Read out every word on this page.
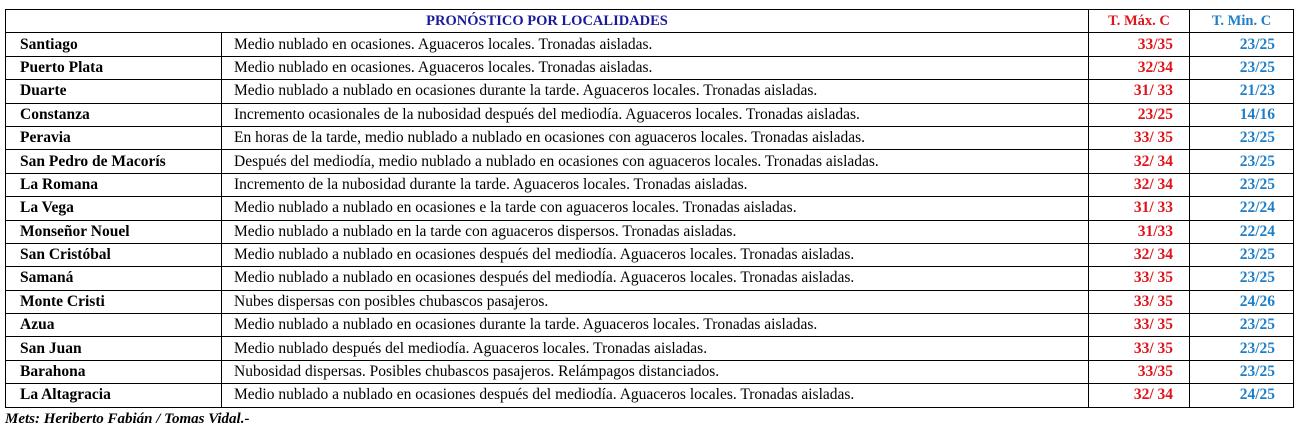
PRONÓSTICO POR LOCALIDADES		T. Máx. C	T. Min. C
Santiago	Medio nublado en ocasiones. Aguaceros locales. Tronadas aisladas.	33/35	23/25
Puerto Plata	Medio nublado en ocasiones. Aguaceros locales. Tronadas aisladas.	32/34	23/25
Duarte	Medio nublado a nublado en ocasiones durante la tarde. Aguaceros locales. Tronadas aisladas.	31/ 33	21/23
Constanza	Incremento ocasionales de la nubosidad después del mediodía. Aguaceros locales. Tronadas aisladas.	23/25	14/16
Peravia	En horas de la tarde, medio nublado a nublado en ocasiones con aguaceros locales. Tronadas aisladas.	33/ 35	23/25
San Pedro de Macorís	Después del mediodía, medio nublado a nublado en ocasiones con aguaceros locales. Tronadas aisladas.	32/ 34	23/25
La Romana	Incremento de la nubosidad durante la tarde. Aguaceros locales. Tronadas aisladas.	32/ 34	23/25
La Vega	Medio nublado a nublado en ocasiones e la tarde con aguaceros locales. Tronadas aisladas.	31/ 33	22/24
Monseñor Nouel	Medio nublado a nublado en la tarde con aguaceros dispersos. Tronadas aisladas.	31/33	22/24
San Cristóbal	Medio nublado a nublado en ocasiones después del mediodía. Aguaceros locales. Tronadas aisladas.	32/ 34	23/25
Samaná	Medio nublado a nublado en ocasiones después del mediodía. Aguaceros locales. Tronadas aisladas.	33/ 35	23/25
Monte Cristi	Nubes dispersas con posibles chubascos pasajeros.	33/ 35	24/26
Azua	Medio nublado a nublado en ocasiones durante la tarde. Aguaceros locales. Tronadas aisladas.	33/ 35	23/25
San Juan	Medio nublado después del mediodía. Aguaceros locales. Tronadas aisladas.	33/ 35	23/25
Barahona	Nubosidad dispersas. Posibles chubascos pasajeros. Relámpagos distanciados.	33/35	23/25
La Altagracia	Medio nublado a nublado en ocasiones después del mediodía. Aguaceros locales. Tronadas aisladas.	32/ 34	24/25
Mets: Heriberto Fabián / Tomas Vidal.-
